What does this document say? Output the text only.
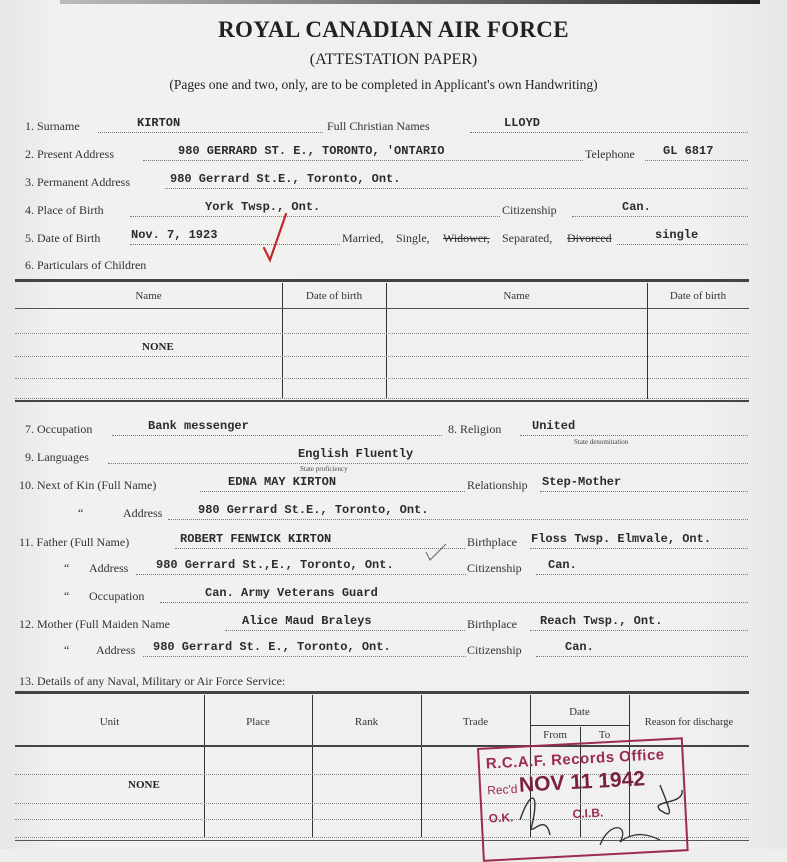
ROYAL CANADIAN AIR FORCE
(ATTESTATION PAPER)
(Pages one and two, only, are to be completed in Applicant's own Handwriting)
1. Surname	KIRTON	Full Christian Names	LLOYD
2. Present Address	980 GERRARD ST. E., TORONTO, 'ONTARIO	Telephone GL 6817
3. Permanent Address	980 Gerrard St.E., Toronto, Ont.
4. Place of Birth	York Twsp., Ont.	Citizenship	Can.
5. Date of Birth	Nov. 7, 1923	Married, Single, Widower, Separated, Divorced	single
6. Particulars of Children
Name	Date of birth	Name	Date of birth
NONE
7. Occupation	Bank messenger	8. Religion	United
State denomination
9. Languages	English Fluently
State proficiency
10. Next of Kin (Full Name)	EDNA MAY KIRTON	Relationship Step-Mother
“	Address	980 Gerrard St.E., Toronto, Ont.
11. Father (Full Name)	ROBERT FENWICK KIRTON	Birthplace Floss Twsp. Elmvale, Ont.
“ Address 980 Gerrard St.,E., Toronto, Ont.	Citizenship Can.
“ Occupation	Can. Army Veterans Guard
12. Mother (Full Maiden Name	Alice Maud Braleys	Birthplace Reach Twsp., Ont.
“ Address 980 Gerrard St. E., Toronto, Ont.	Citizenship	Can.
13. Details of any Naval, Military or Air Force Service:
Unit	Place	Rank	Trade
Date
From	To
Reason for discharge
NONE
R.C.A.F. Records Office
Rec'd NOV 11 1942
O.K.	C.I.B.
